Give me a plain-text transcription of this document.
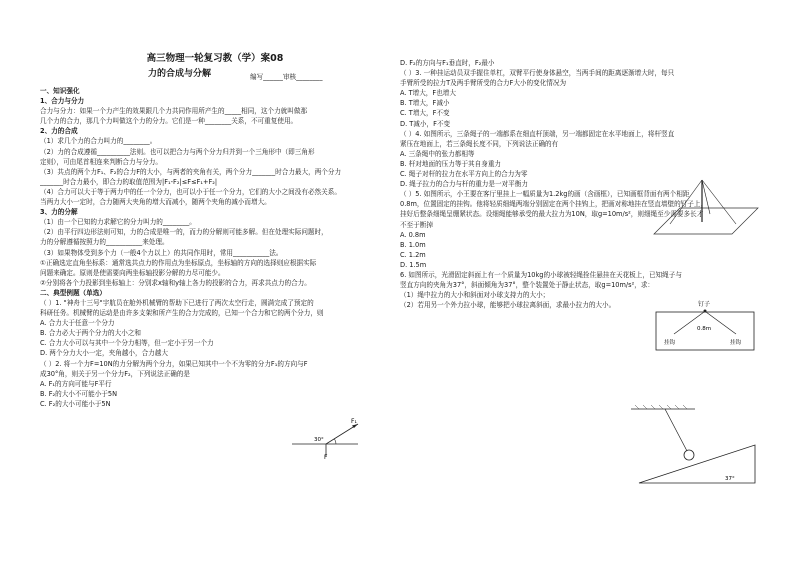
高三物理一轮复习教（学）案08
力的合成与分解	编写______审核________
一、知识强化
1、合力与分力
合力与分力：如果一个力产生的效果跟几个力共同作用所产生的_____相同，这个力就叫做那
几个力的合力，那几个力叫做这个力的分力。它们是一种________关系，不可重复使用。
2、力的合成
（1）求几个力的合力叫力的________。
（2）力的合成遵循__________法则。也可以把合力与两个分力归并到一个三角形中（即三角形
定则），可由尾首相连来判断合力与分力。
（3）共点的两个力F₁、F₂的合力F的大小，与两者的夹角有关，两个分力_______时合力最大，两个分力
_______时合力最小，即合力的取值范围为|F₁-F₂|≤F≤F₁+F₂|
（4）合力可以大于等于两力中的任一个分力，也可以小于任一个分力，它们的大小之间没有必然关系。
当两力大小一定时，合力随两大夹角的增大而减小，随两个夹角的减小而增大。
3、力的分解
（1）由一个已知的力求解它的分力叫力的________。
（2）由平行四边形法则可知，力的合成是唯一的，而力的分解则可能多解。但在处理实际问题时，
力的分解遵循按照力的___________来处理。
（3）如果物体受到多个力（一般4个力以上）的共同作用时，常用___________法。
①正确选定直角坐标系：通常选共点力的作用点为坐标原点，坐标轴的方向的选择则应根据实际
问题来确定。原则是使需要向两坐标轴投影分解的力尽可能少。
②分别将各个力投影到坐标轴上：分别求x轴和y轴上各力的投影的合力，再求共点力的合力。
二、典型例题（单选）
（ ）1. "神舟十三号"宇航员在舱外机械臂的帮助下已进行了两次太空行走，圆满完成了预定的
科研任务。机械臂的运动是由许多支架和所产生的合力完成的，已知一个合力和它的两个分力，则
A. 合力大于任意一个分力
B. 合力必大于两个分力的大小之和
C. 合力大小可以与其中一个分力相等，但一定小于另一个力
D. 两个分力大小一定，夹角越小，合力越大
（ ）2. 将一个力F=10N的力分解为两个分力，如果已知其中一个不为零的分力F₁的方向与F
成30°角，则关于另一个分力F₂，下列说法正确的是
A. F₁的方向可能与F平行
B. F₂的大小不可能小于5N
C. F₂的大小可能小于5N
F₁
30°
F
D. F₂的方向与F₁垂直时，F₂最小
（ ）3. 一种挂运动员双手握住单杠，双臂平行使身体悬空，当两手间的距离逐渐增大时，每只
手臂所受的拉力T及两手臂所受的合力F大小的变化情况为
A. T增大，F也增大
B. T增大，F减小
C. T增大，F不变
D. T减小，F不变
（ ）4. 如图所示，三条绳子的一端都系在细直杆顶端，另一端都固定在水平地面上，将杆竖直
紧压在地面上，若三条绳长度不同，下列说法正确的有
A. 三条绳中的张力都相等
B. 杆对地面的压力等于其自身重力
C. 绳子对杆的拉力在水平方向上的合力为零
D. 绳子拉力的合力与杆的重力是一对平衡力
（ ）5. 如图所示，小王要在客厅里挂上一幅质量为1.2kg的画（含画框），已知画框背面有两个相距
0.8m，位置固定的挂钩。他将轻质细绳两端分别固定在两个挂钩上，把画对称地挂在竖直墙壁的钉子上，
挂好后整条细绳呈绷紧状态。设细绳能够承受的最大拉力为10N，取g=10m/s²，则细绳至少需要多长才
不至于断掉
A. 0.8m
B. 1.0m
C. 1.2m
D. 1.5m
6. 如图所示，光滑固定斜面上有一个质量为10kg的小球被轻绳拴住悬挂在天花板上，已知绳子与
竖直方向的夹角为37°，斜面倾角为37°，整个装置处于静止状态，取g=10m/s²，求：
（1）绳中拉力的大小和斜面对小球支持力的大小；
（2）若用另一个外力拉小球，能够把小球拉离斜面，求最小拉力的大小。	钉子
0.8m
挂钩	挂钩
37°
